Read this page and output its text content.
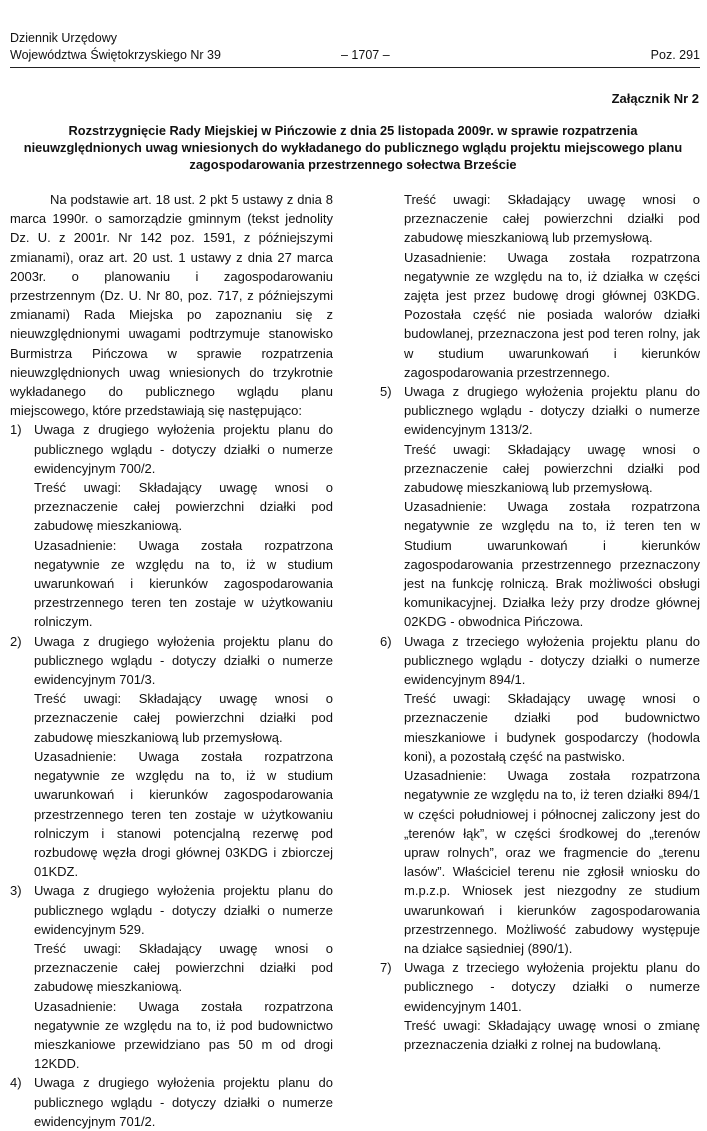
Dziennik Urzędowy
Województwa Świętokrzyskiego Nr 39	– 1707 –	Poz. 291
Załącznik Nr 2
Rozstrzygnięcie Rady Miejskiej w Pińczowie z dnia 25 listopada 2009r. w sprawie rozpatrzenia nieuwzględnionych uwag wniesionych do wykładanego do publicznego wglądu projektu miejscowego planu zagospodarowania przestrzennego sołectwa Brzeście

Na podstawie art. 18 ust. 2 pkt 5 ustawy z dnia 8 marca 1990r. o samorządzie gminnym (tekst jednolity Dz. U. z 2001r. Nr 142 poz. 1591, z późniejszymi zmianami), oraz art. 20 ust. 1 ustawy z dnia 27 marca 2003r. o planowaniu i zagospodarowaniu przestrzennym (Dz. U. Nr 80, poz. 717, z późniejszymi zmianami) Rada Miejska po zapoznaniu się z nieuwzględnionymi uwagami podtrzymuje stanowisko Burmistrza Pińczowa w sprawie rozpatrzenia nieuwzględnionych uwag wniesionych do trzykrotnie wykładanego do publicznego wglądu planu miejscowego, które przedstawiają się następująco:

1) Uwaga z drugiego wyłożenia projektu planu do publicznego wglądu - dotyczy działki o numerze ewidencyjnym 700/2.

Treść uwagi: Składający uwagę wnosi o przeznaczenie całej powierzchni działki pod zabudowę mieszkaniową.

Uzasadnienie: Uwaga została rozpatrzona negatywnie ze względu na to, iż w studium uwarunkowań i kierunków zagospodarowania przestrzennego teren ten zostaje w użytkowaniu rolniczym.

2) Uwaga z drugiego wyłożenia projektu planu do publicznego wglądu - dotyczy działki o numerze ewidencyjnym 701/3.

Treść uwagi: Składający uwagę wnosi o przeznaczenie całej powierzchni działki pod zabudowę mieszkaniową lub przemysłową.

Uzasadnienie: Uwaga została rozpatrzona negatywnie ze względu na to, iż w studium uwarunkowań i kierunków zagospodarowania przestrzennego teren ten zostaje w użytkowaniu rolniczym i stanowi potencjalną rezerwę pod rozbudowę węzła drogi głównej 03KDG i zbiorczej 01KDZ.

3) Uwaga z drugiego wyłożenia projektu planu do publicznego wglądu - dotyczy działki o numerze ewidencyjnym 529.

Treść uwagi: Składający uwagę wnosi o przeznaczenie całej powierzchni działki pod zabudowę mieszkaniową.

Uzasadnienie: Uwaga została rozpatrzona negatywnie ze względu na to, iż pod budownictwo mieszkaniowe przewidziano pas 50 m od drogi 12KDD.

4) Uwaga z drugiego wyłożenia projektu planu do publicznego wglądu - dotyczy działki o numerze ewidencyjnym 701/2.

Treść uwagi: Składający uwagę wnosi o przeznaczenie całej powierzchni działki pod zabudowę mieszkaniową lub przemysłową.

Uzasadnienie: Uwaga została rozpatrzona negatywnie ze względu na to, iż działka w części zajęta jest przez budowę drogi głównej 03KDG. Pozostała część nie posiada walorów działki budowlanej, przeznaczona jest pod teren rolny, jak w studium uwarunkowań i kierunków zagospodarowania przestrzennego.

5) Uwaga z drugiego wyłożenia projektu planu do publicznego wglądu - dotyczy działki o numerze ewidencyjnym 1313/2.

Treść uwagi: Składający uwagę wnosi o przeznaczenie całej powierzchni działki pod zabudowę mieszkaniową lub przemysłową.

Uzasadnienie: Uwaga została rozpatrzona negatywnie ze względu na to, iż teren ten w Studium uwarunkowań i kierunków zagospodarowania przestrzennego przeznaczony jest na funkcję rolniczą. Brak możliwości obsługi komunikacyjnej. Działka leży przy drodze głównej 02KDG - obwodnica Pińczowa.

6) Uwaga z trzeciego wyłożenia projektu planu do publicznego wglądu - dotyczy działki o numerze ewidencyjnym 894/1.

Treść uwagi: Składający uwagę wnosi o przeznaczenie działki pod budownictwo mieszkaniowe i budynek gospodarczy (hodowla koni), a pozostałą część na pastwisko.

Uzasadnienie: Uwaga została rozpatrzona negatywnie ze względu na to, iż teren działki 894/1 w części południowej i północnej zaliczony jest do „terenów łąk”, w części środkowej do „terenów upraw rolnych”, oraz we fragmencie do „terenu lasów”. Właściciel terenu nie zgłosił wniosku do m.p.z.p. Wniosek jest niezgodny ze studium uwarunkowań i kierunków zagospodarowania przestrzennego. Możliwość zabudowy występuje na działce sąsiedniej (890/1).

7) Uwaga z trzeciego wyłożenia projektu planu do publicznego - dotyczy działki o numerze ewidencyjnym 1401.

Treść uwagi: Składający uwagę wnosi o zmianę przeznaczenia działki z rolnej na budowlaną.
